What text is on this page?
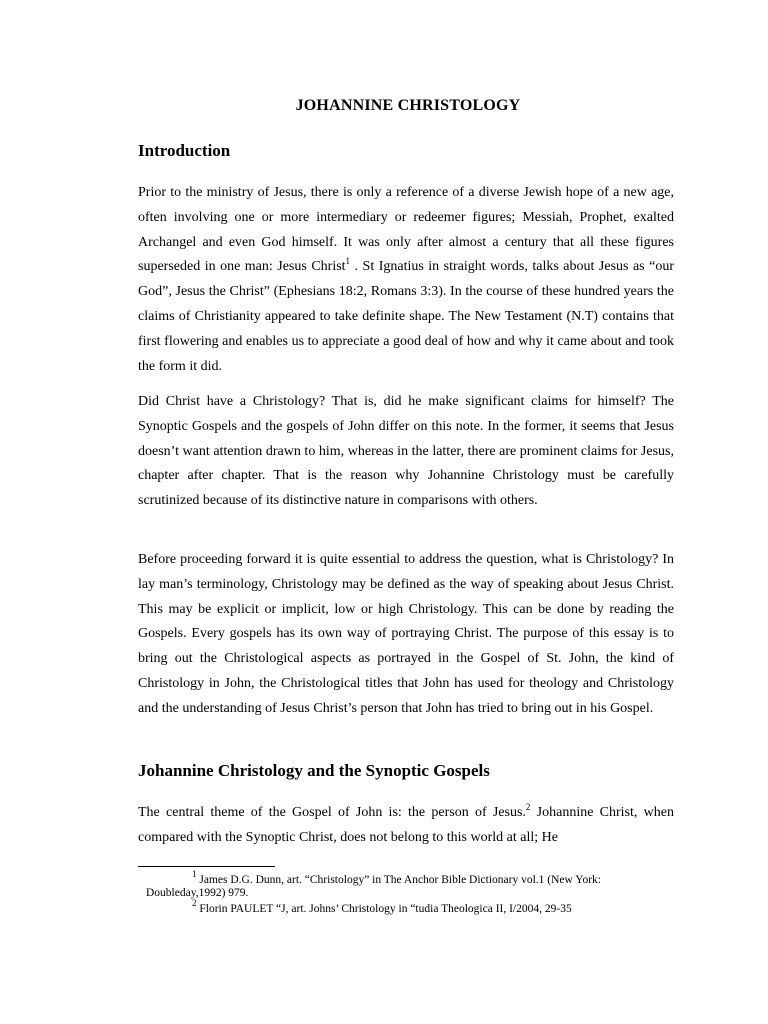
JOHANNINE CHRISTOLOGY
Introduction

Prior to the ministry of Jesus, there is only a reference of a diverse Jewish hope of a new age, often involving one or more intermediary or redeemer figures; Messiah, Prophet, exalted Archangel and even God himself. It was only after almost a century that all these figures superseded in one man: Jesus Christ$^1$ . St Ignatius in straight words, talks about Jesus as “our God”, Jesus the Christ” (Ephesians 18:2, Romans 3:3). In the course of these hundred years the claims of Christianity appeared to take definite shape. The New Testament (N.T) contains that first flowering and enables us to appreciate a good deal of how and why it came about and took the form it did.

Did Christ have a Christology? That is, did he make significant claims for himself? The Synoptic Gospels and the gospels of John differ on this note. In the former, it seems that Jesus doesn’t want attention drawn to him, whereas in the latter, there are prominent claims for Jesus, chapter after chapter. That is the reason why Johannine Christology must be carefully scrutinized because of its distinctive nature in comparisons with others.

Before proceeding forward it is quite essential to address the question, what is Christology? In lay man’s terminology, Christology may be defined as the way of speaking about Jesus Christ. This may be explicit or implicit, low or high Christology. This can be done by reading the Gospels. Every gospels has its own way of portraying Christ. The purpose of this essay is to bring out the Christological aspects as portrayed in the Gospel of St. John, the kind of Christology in John, the Christological titles that John has used for theology and Christology and the understanding of Jesus Christ’s person that John has tried to bring out in his Gospel.

Johannine Christology and the Synoptic Gospels

The central theme of the Gospel of John is: the person of Jesus.$^2$ Johannine Christ, when compared with the Synoptic Christ, does not belong to this world at all; He

$^1$ James D.G. Dunn, art. “Christology” in The Anchor Bible Dictionary vol.1 (New York: Doubleday,1992) 979.

$^2$ Florin PAULET “J, art. Johns’ Christology in “tudia Theologica II, I/2004, 29-35
